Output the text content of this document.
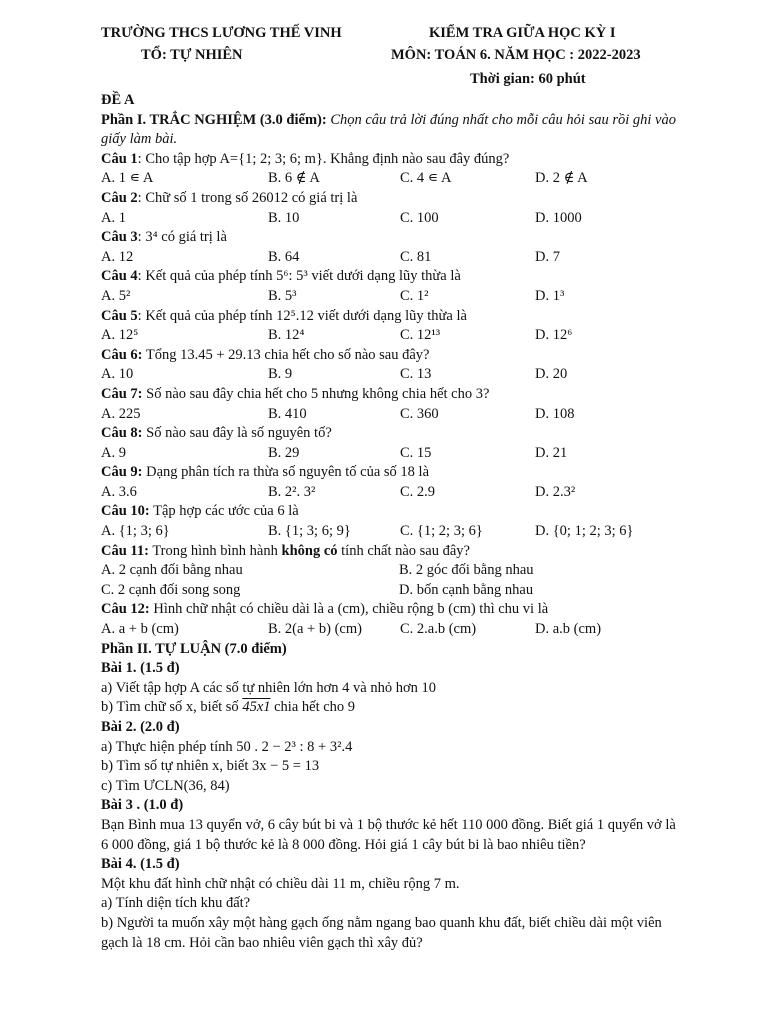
TRƯỜNG THCS LƯƠNG THẾ VINH
TỔ: TỰ NHIÊN
KIỂM TRA GIỮA HỌC KỲ I
MÔN: TOÁN 6. NĂM HỌC : 2022-2023
Thời gian: 60 phút
ĐỀ A
Phần I. TRẮC NGHIỆM (3.0 điểm): Chọn câu trả lời đúng nhất cho mỗi câu hỏi sau rồi ghi vào giấy làm bài.
Câu 1: Cho tập hợp A={1; 2; 3; 6; m}. Khẳng định nào sau đây đúng?
A. 1 ∊ A	B. 6 ∉ A	C. 4 ∊ A	D. 2 ∉ A
Câu 2: Chữ số 1 trong số 26012 có giá trị là
A. 1	B. 10	C. 100	D. 1000
Câu 3: 3⁴ có giá trị là
A. 12	B. 64	C. 81	D. 7
Câu 4: Kết quả của phép tính 5⁶: 5³ viết dưới dạng lũy thừa là
A. 5²	B. 5³	C. 1²	D. 1³
Câu 5: Kết quả của phép tính 12⁵.12 viết dưới dạng lũy thừa là
A. 12⁵	B. 12⁴	C. 12¹³	D. 12⁶
Câu 6: Tổng 13.45 + 29.13 chia hết cho số nào sau đây?
A. 10	B. 9	C. 13	D. 20
Câu 7: Số nào sau đây chia hết cho 5 nhưng không chia hết cho 3?
A. 225	B. 410	C. 360	D. 108
Câu 8: Số nào sau đây là số nguyên tố?
A. 9	B. 29	C. 15	D. 21
Câu 9: Dạng phân tích ra thừa số nguyên tố của số 18 là
A. 3.6	B. 2². 3²	C. 2.9	D. 2.3²
Câu 10: Tập hợp các ước của 6 là
A. {1; 3; 6}	B. {1; 3; 6; 9}	C. {1; 2; 3; 6}	D. {0; 1; 2; 3; 6}
Câu 11: Trong hình bình hành không có tính chất nào sau đây?
A. 2 cạnh đối bằng nhau	B. 2 góc đối bằng nhau
C. 2 cạnh đối song song	D. bốn cạnh bằng nhau
Câu 12: Hình chữ nhật có chiều dài là a (cm), chiều rộng b (cm) thì chu vi là
A. a + b (cm)	B. 2(a + b) (cm)	C. 2.a.b (cm)	D. a.b (cm)
Phần II. TỰ LUẬN (7.0 điểm)
Bài 1. (1.5 đ)
a) Viết tập hợp A các số tự nhiên lớn hơn 4 và nhỏ hơn 10
b) Tìm chữ số x, biết số 45x1 chia hết cho 9
Bài 2. (2.0 đ)
a) Thực hiện phép tính 50 . 2 − 2³ : 8 + 3².4
b) Tìm số tự nhiên x, biết 3x − 5 = 13
c) Tìm ƯCLN(36, 84)
Bài 3 . (1.0 đ)
Bạn Bình mua 13 quyển vở, 6 cây bút bi và 1 bộ thước kẻ hết 110 000 đồng. Biết giá 1 quyển vở là 6 000 đồng, giá 1 bộ thước kẻ là 8 000 đồng. Hỏi giá 1 cây bút bi là bao nhiêu tiền?
Bài 4. (1.5 đ)
Một khu đất hình chữ nhật có chiều dài 11 m, chiều rộng 7 m.
a) Tính diện tích khu đất?
b) Người ta muốn xây một hàng gạch ống nằm ngang bao quanh khu đất, biết chiều dài một viên gạch là 18 cm. Hỏi cần bao nhiêu viên gạch thì xây đủ?
